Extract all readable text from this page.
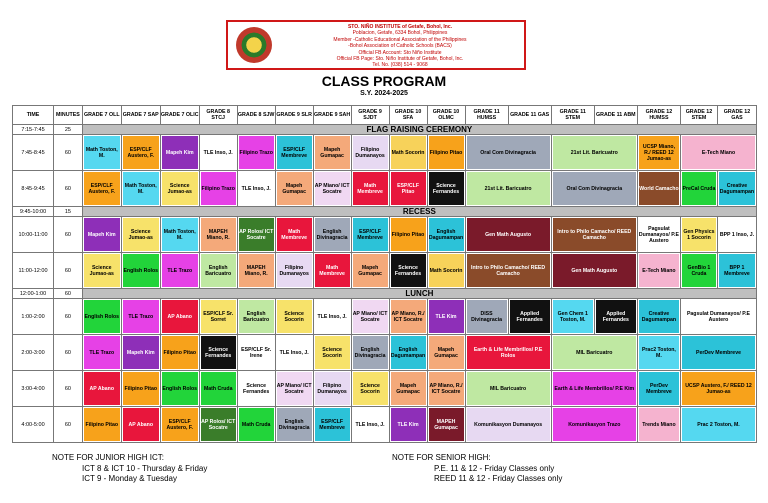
STO. NIÑO INSTITUTE of Getafe, Bohol, Inc.
Poblacion, Getafe, 6334 Bohol, Philippines
Member -Catholic Educational Association of the Philippines
-Bohol Association of Catholic Schools (BACS)
Official FB Account: Sto Niño Institute
Official FB Page: Sto. Niño Institute of Getafe, Bohol, Inc.
Tel. No. (038) 514 - 9068
CLASS PROGRAM
S.Y. 2024-2025
TIME	MINUTES	GRADE 7 OLL	GRADE 7 SAP	GRADE 7 OLIC	GRADE 8 STCJ	GRADE 8 SJW	GRADE 9 SLR	GRADE 9 SAH	GRADE 9 SJDT	GRADE 10 SFA	GRADE 10 OLMC	GRADE 11 HUMSS	GRADE 11 GAS	GRADE 11 STEM	GRADE 11 ABM	GRADE 12 HUMSS	GRADE 12 STEM	GRADE 12 GAS
7:15-7:45	25	FLAG RAISING CEREMONY																
7:45-8:45	60	Math Toston, M.	ESP/CLF Austero, F.	Mapeh Kim	TLE Inso, J.	Filipino Trazo	ESP/CLF Membreve	Mapeh Gumapac	Filipino Dumanayos	Math Socorin	Filipino Pitao	Oral Com Divinagracia		21st Lit. Baricuatro		UCSP Miano, R./ REED 12 Jumao-as	E-Tech Miano	

8:45-9:45	60	ESP/CLF Austero, F.	Math Toston, M.	Science Jumao-as	Filipino Trazo	TLE Inso, J.	Mapeh Gumapac	AP Miano/ ICT Socatre	Math Membreve	ESP/CLF Pitao	Science Fernandes	21st Lit. Baricuatro		Oral Com Divinagracia		World Camacho	PreCal Cruda	Creative Dagumampan

9:45-10:00	15	RECESS																
10:00-11:00	60	Mapeh Kim	Science Jumao-as	Math Toston, M.	MAPEH Miano, R.	AP Rolos/ ICT Socatre	Math Membreve	English Divinagracia	ESP/CLF Membreve	Filipino Pitao	English Dagumampan	Gen Math Augusto		Intro to Philo Camacho/ REED Camacho		Pagsulat Dumanayos/ P.E Austero	Gen Physics 1 Socorin	BPP 1 Inso, J.

11:00-12:00	60	Science Jumao-as	English Rolos	TLE Trazo	English Baricuatro	MAPEH Miano, R.	Filipino Dumanayos	Math Membreve	Mapeh Gumapac	Science Fernandes	Math Socorin	Intro to Philo Camacho/ REED Camacho		Gen Math Augusto		E-Tech Miano	GenBio 1 Cruda	BPP 1 Membreve

12:00-1:00	60	LUNCH																
1:00-2:00	60	English Rolos	TLE Trazo	AP Abano	ESP/CLF Sr. Sorret	English Baricuatro	Science Socorin	TLE Inso, J.	AP Miano/ ICT Socatre	AP Miano, R./ ICT Socatre	TLE Kim	DISS Divinagracia	Applied Fernandes	Gen Chem 1 Toston, M.	Applied Fernandes	Creative Dagumampan	Pagsulat Dumanayos/ P.E Austero	

2:00-3:00	60	TLE Trazo	Mapeh Kim	Filipino Pitao	Science Fernandes	ESP/CLF Sr. Irene	TLE Inso, J.	Science Socorin	English Divinagracia	English Dagumampan	Mapeh Gumapac	Earth & Life Membrillos/ P.E Rolos		MIL Baricuatro		Prac2 Toston, M.	PerDev Membreve	

3:00-4:00	60	AP Abano	Filipino Pitao	English Rolos	Math Cruda	Science Fernandes	AP Miano/ ICT Socatre	Filipino Dumanayos	Science Socorin	Mapeh Gumapac	AP Miano, R./ ICT Socatre	MIL Baricuatro		Earth & Life Membrillos/ P.E Kim		PerDev Membreve	UCSP Austero, F./ REED 12 Jumao-as	

4:00-5:00	60	Filipino Pitao	AP Abano	ESP/CLF Austero, F.	AP Rolos/ ICT Socatre	Math Cruda	English Divinagracia	ESP/CLF Membreve	TLE Inso, J.	TLE Kim	MAPEH Gumapac	Komunikasyon Dumanayos		Komunikasyon Trazo		Trends Miano	Prac 2 Toston, M.	
NOTE FOR JUNIOR HIGH ICT:
ICT 8 & ICT 10 - Thursday & Friday
ICT 9 - Monday & Tuesday
NOTE FOR SENIOR HIGH:
P.E. 11 & 12 - Friday Classes only
REED 11 & 12 - Friday Classes only
